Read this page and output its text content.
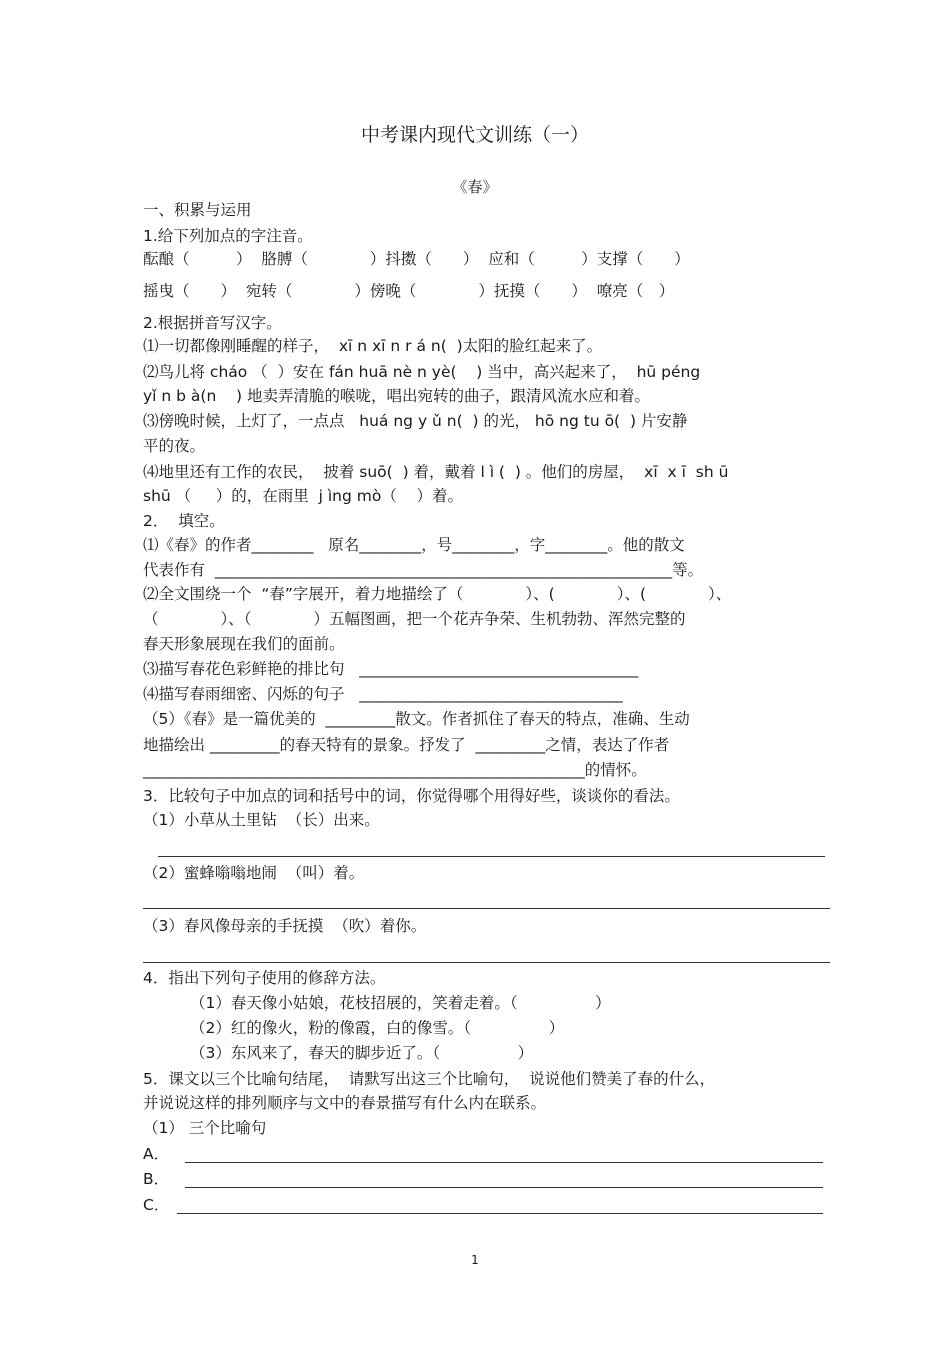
中考课内现代文训练（一）
《春》
一、积累与运用
1.给下列加点的字注音。
酝酿（　　　）  胳膊（　　　　）抖擞（　　）  应和（　　　）支撑（　　）
摇曳（　　）  宛转（　　　　）傍晚（　　　　）抚摸（　　）  嘹亮（　）
2.根据拼音写汉字。
⑴一切都像刚睡醒的样子，  xī n xī n r á n(  )太阳的脸红起来了。
⑵鸟儿将 cháo （  ）安在 fán huā nè n yè(    ) 当中，高兴起来了，  hū péng
yǐ n b à(n    ) 地卖弄清脆的喉咙，唱出宛转的曲子，跟清风流水应和着。
⑶傍晚时候，上灯了，一点点   huá ng y ǔ n(  ) 的光， hō ng tu ō(  ) 片安静
平的夜。
⑷地里还有工作的农民，  披着 suō(  ) 着，戴着 l ì (  ) 。他们的房屋，  xī  x ī  sh ū
shū （     ）的，在雨里  j ìng mò（    ）着。
2．  填空。
⑴《春》的作者________   原名________，号________，字________。他的散文
代表作有  ___________________________________________________________等。
⑵全文围绕一个  “春”字展开，着力地描绘了（　　　　）、(　　　　）、(　　　　）、
（　　　　）、（　　　　）五幅图画，把一个花卉争荣、生机勃勃、浑然完整的
春天形象展现在我们的面前。
⑶描写春花色彩鲜艳的排比句   ____________________________________
⑷描写春雨细密、闪烁的句子   __________________________________
（5）《春》是一篇优美的  _________散文。作者抓住了春天的特点，准确、生动
地描绘出 _________的春天特有的景象。抒发了  _________之情，表达了作者
_________________________________________________________的情怀。
3．比较句子中加点的词和括号中的词，你觉得哪个用得好些，谈谈你的看法。
（1）小草从土里钻  （长）出来。
（2）蜜蜂嗡嗡地闹  （叫）着。
（3）春风像母亲的手抚摸  （吹）着你。
4．指出下列句子使用的修辞方法。
（1）春天像小姑娘，花枝招展的，笑着走着。（　　　　　）
（2）红的像火，粉的像霞，白的像雪。（　　　　　）
（3）东风来了，春天的脚步近了。（　　　　　）
5．课文以三个比喻句结尾，  请默写出这三个比喻句，  说说他们赞美了春的什么，
并说说这样的排列顺序与文中的春景描写有什么内在联系。
（1） 三个比喻句
A．
B．
C．
1
